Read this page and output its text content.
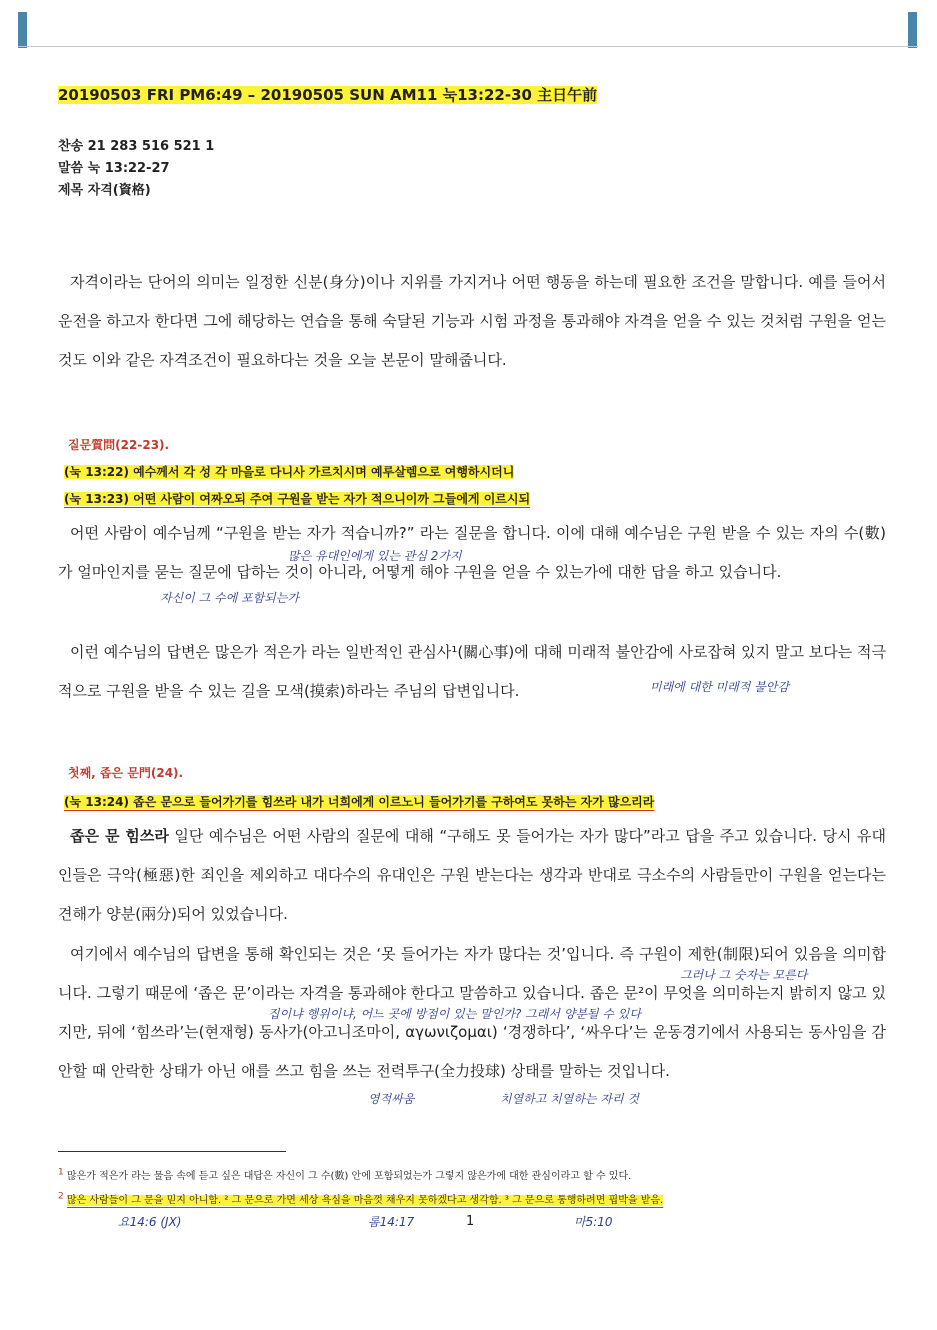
20190503 FRI PM6:49 – 20190505 SUN AM11 눅13:22-30 主日午前
찬송 21 283 516 521 1
말씀 눅 13:22-27
제목 자격(資格)
자격이라는 단어의 의미는 일정한 신분(身分)이나 지위를 가지거나 어떤 행동을 하는데 필요한 조건을 말합니다. 예를 들어서 운전을 하고자 한다면 그에 해당하는 연습을 통해 숙달된 기능과 시험 과정을 통과해야 자격을 얻을 수 있는 것처럼 구원을 얻는 것도 이와 같은 자격조건이 필요하다는 것을 오늘 본문이 말해줍니다.
질문質問(22-23).
(눅 13:22) 예수께서 각 성 각 마을로 다니사 가르치시며 예루살렘으로 여행하시더니
(눅 13:23) 어떤 사람이 여짜오되 주여 구원을 받는 자가 적으니이까 그들에게 이르시되
어떤 사람이 예수님께 “구원을 받는 자가 적습니까?” 라는 질문을 합니다. 이에 대해 예수님은 구원 받을 수 있는 자의 수(數)가 얼마인지를 묻는 질문에 답하는 것이 아니라, 어떻게 해야 구원을 얻을 수 있는가에 대한 답을 하고 있습니다.
이런 예수님의 답변은 많은가 적은가 라는 일반적인 관심사¹(關心事)에 대해 미래적 불안감에 사로잡혀 있지 말고 보다는 적극적으로 구원을 받을 수 있는 길을 모색(摸索)하라는 주님의 답변입니다.
첫째, 좁은 문門(24).
(눅 13:24) 좁은 문으로 들어가기를 힘쓰라 내가 너희에게 이르노니 들어가기를 구하여도 못하는 자가 많으리라
좁은 문 힘쓰라 일단 예수님은 어떤 사람의 질문에 대해 “구해도 못 들어가는 자가 많다”라고 답을 주고 있습니다. 당시 유대인들은 극악(極惡)한 죄인을 제외하고 대다수의 유대인은 구원 받는다는 생각과 반대로 극소수의 사람들만이 구원을 얻는다는 견해가 양분(兩分)되어 있었습니다.
여기에서 예수님의 답변을 통해 확인되는 것은 ‘못 들어가는 자가 많다는 것’입니다. 즉 구원이 제한(制限)되어 있음을 의미합니다. 그렇기 때문에 ‘좁은 문’이라는 자격을 통과해야 한다고 말씀하고 있습니다. 좁은 문²이 무엇을 의미하는지 밝히지 않고 있지만, 뒤에 ‘힘쓰라’는(현재형) 동사가(아고니조마이, αγωνιζομαι) ‘경쟁하다’, ‘싸우다’는 운동경기에서 사용되는 동사임을 감안할 때 안락한 상태가 아닌 애를 쓰고 힘을 쓰는 전력투구(全力投球) 상태를 말하는 것입니다.
$^1$ 많은가 적은가 라는 물음 속에 듣고 싶은 대답은 자신이 그 수(數) 안에 포함되었는가 그렇지 않은가에 대한 관심이라고 할 수 있다.
$^2$ 많은 사람들이 그 문을 믿지 아니함. ² 그 문으로 가면 세상 욕심을 마음껏 채우지 못하겠다고 생각함. ³ 그 문으로 통행하려면 핍박을 받음.
1
많은 유대인에게 있는 관심 2가지
자신이 그 수에 포함되는가
미래에 대한 미래적 불안감
그러나 그 숫자는 모른다
집이냐 행위이냐, 어느 곳에 방점이 있는 말인가? 그래서 양분될 수 있다
영적싸움	치열하고 치열하는 자리 것
요14:6 (JX)	롬14:17	마5:10
